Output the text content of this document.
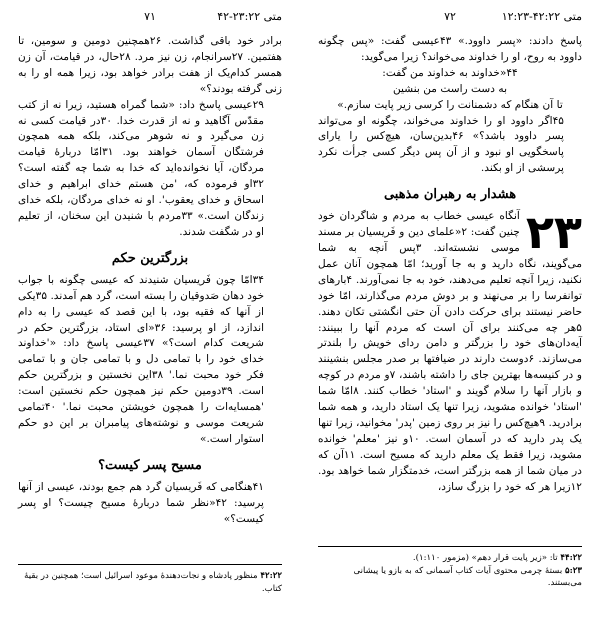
متی ۲۳:۲۲-۴۲
۷۱

برادر خود باقی گذاشت. ۲۶همچنین دومین و سومین، تا هفتمین. ۲۷سرانجام، زن نیز مرد. ۲۸حال، در قیامت، آن زن همسر کدام‌یک از هفت برادر خواهد بود، زیرا همه او را به زنی گرفته بودند؟»

۲۹عیسی پاسخ داد: «شما گمراه هستید، زیرا نه از کتب مقدّس آگاهید و نه از قدرت خدا. ۳۰در قیامت کسی نه زن می‌گیرد و نه شوهر می‌کند، بلکه همه همچون فرشتگان آسمان خواهند بود. ۳۱امّا دربارهٔ قیامت مردگان، آیا نخوانده‌اید که خدا به شما چه گفته است؟ ۳۲او فرموده که، 'من هستم خدای ابراهیم و خدای اسحاق و خدای یعقوب'. او نه خدای مردگان، بلکه خدای زندگان است.» ۳۳مردم با شنیدن این سخنان، از تعلیم او در شگفت شدند.

بزرگترین حکم

۳۴امّا چون فَریسیان شنیدند که عیسی چگونه با جواب خود دهان صَدوقیان را بسته است، گرد هم آمدند. ۳۵یکی از آنها که فقیه بود، با این قصد که عیسی را به دام اندازد، از او پرسید: ۳۶«ای استاد، بزرگترین حکم در شریعت کدام است؟» ۳۷عیسی پاسخ داد: «'خداوند خدای خود را با تمامی دل و با تمامی جان و با تمامی فکر خود محبت نما.' ۳۸این نخستین و بزرگترین حکم است. ۳۹دومین حکم نیز همچون حکم نخستین است: 'همسایه‌ات را همچون خویشتن محبت نما.' ۴۰تمامی شریعت موسی و نوشته‌های پیامبران بر این دو حکم استوار است.»

مسیح پسر کیست؟

۴۱هنگامی که فَریسیان گرد هم جمع بودند، عیسی از آنها پرسید: ۴۲«نظر شما دربارهٔ مسیح چیست؟ او پسر کیست؟»

۴۲:۲۲ منظور پادشاه و نجات‌دهندهٔ موعود اسرائیل است؛ همچنین در بقیهٔ کتاب.
متی ۴۲:۲۲-۱۲:۲۳
۷۲

پاسخ دادند: «پسر داوود.» ۴۳عیسی گفت: «پس چگونه داوود به روح، او را خداوند می‌خواند؟ زیرا می‌گوید:

۴۴«خداوند به خداوند من گفت:

به دست راست من بنشین

تا آن هنگام که دشمنانت را کرسی زیر پایت سازم.»

۴۵اگر داوود او را خداوند می‌خواند، چگونه او می‌تواند پسر داوود باشد؟» ۴۶بدین‌سان، هیچ‌کس را یارای پاسخگویی او نبود و از آن پس دیگر کسی جرأت نکرد پرسشی از او بکند.

هشدار به رهبران مذهبی

۲۳
آنگاه عیسی خطاب به مردم و شاگردان خود چنین گفت: ۲«علمای دین و فَریسیان بر مسند موسی نشسته‌اند. ۳پس آنچه به شما می‌گویند، نگاه دارید و به جا آورید؛ امّا همچون آنان عمل نکنید، زیرا آنچه تعلیم می‌دهند، خود به جا نمی‌آورند. ۴بارهای توانفرسا را بر می‌نهند و بر دوش مردم می‌گذارند، امّا خود حاضر نیستند برای حرکت دادن آن حتی انگشتی تکان دهند. ۵هر چه می‌کنند برای آن است که مردم آنها را ببینند: آیه‌دان‌های خود را بزرگتر و دامن ردای خویش را بلندتر می‌سازند. ۶دوست دارند در ضیافتها بر صدر مجلس بنشینند و در کنیسه‌ها بهترین جای را داشته باشند، ۷و مردم در کوچه و بازار آنها را سلام گویند و 'استاد' خطاب کنند. ۸امّا شما 'استاد' خوانده مشوید، زیرا تنها یک استاد دارید، و همه شما برادرید. ۹هیچ‌کس را نیز بر روی زمین 'پدر' مخوانید، زیرا تنها یک پدر دارید که در آسمان است. ۱۰و نیز 'معلم' خوانده مشوید، زیرا فقط یک معلم دارید که مسیح است. ۱۱آن که در میان شما از همه بزرگتر است، خدمتگزار شما خواهد بود. ۱۲زیرا هر که خود را بزرگ سازد،

۴۴:۲۲ تا: «زیر پایت قرار دهم» (مزمور ۱:۱۱۰).
۵:۲۳ بستهٔ چرمی محتوی آیات کتاب آسمانی که به بازو یا پیشانی می‌بستند.
